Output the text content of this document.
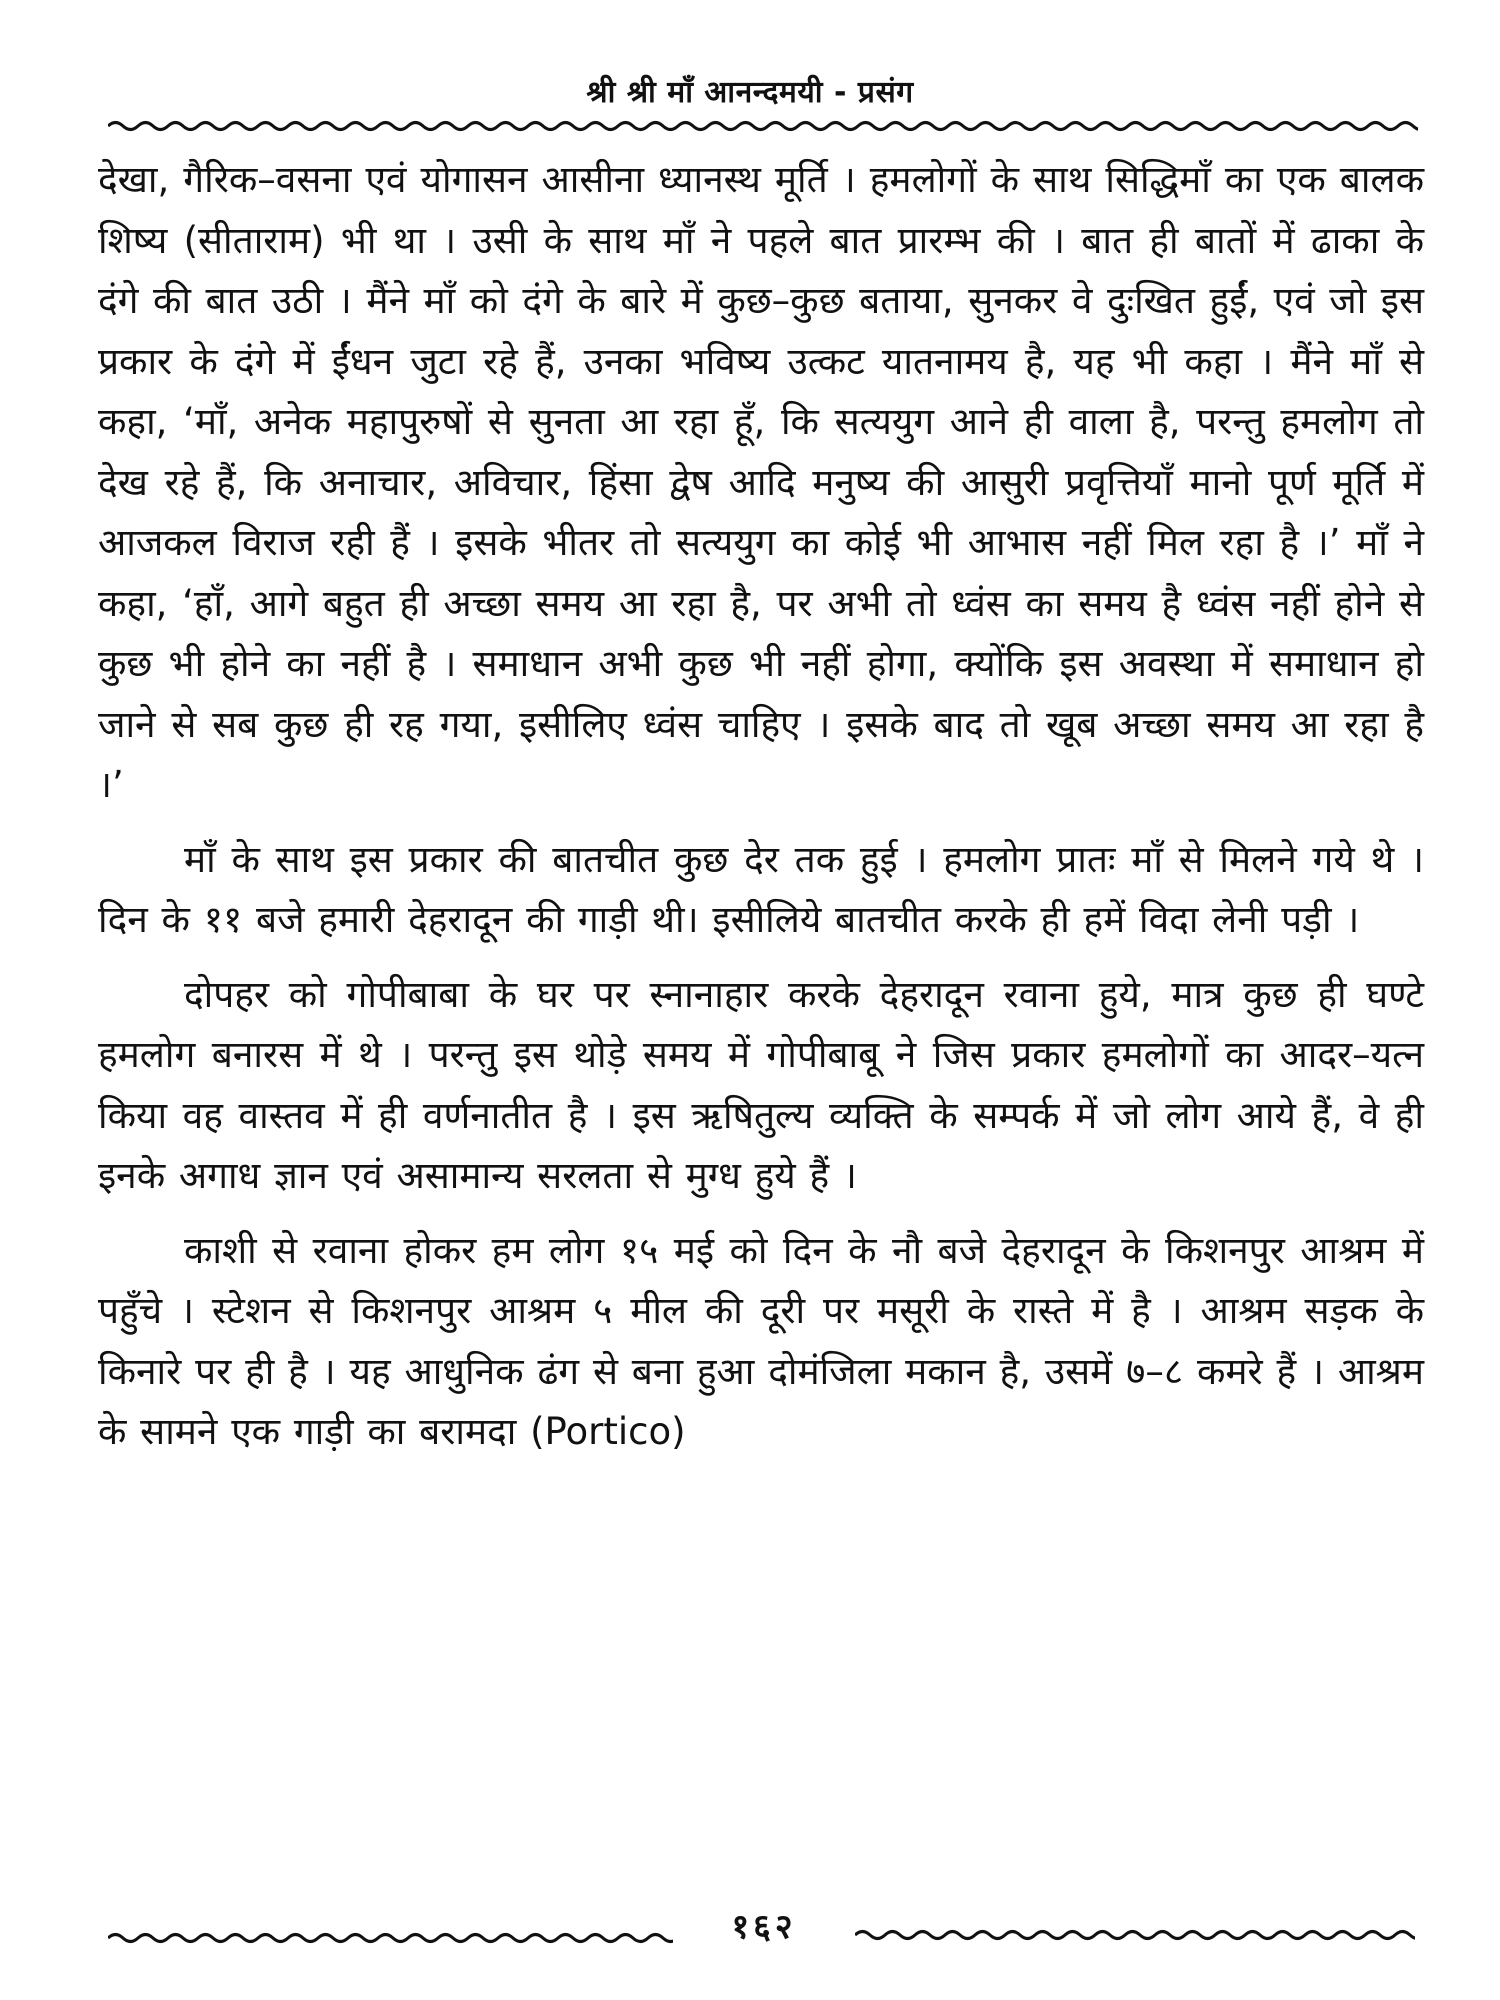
श्री श्री माँ आनन्दमयी - प्रसंग

देखा, गैरिक–वसना एवं योगासन आसीना ध्यानस्थ मूर्ति । हमलोगों के साथ सिद्धिमाँ का एक बालक शिष्य (सीताराम) भी था । उसी के साथ माँ ने पहले बात प्रारम्भ की । बात ही बातों में ढाका के दंगे की बात उठी । मैंने माँ को दंगे के बारे में कुछ–कुछ बताया, सुनकर वे दुःखित हुईं, एवं जो इस प्रकार के दंगे में ईंधन जुटा रहे हैं, उनका भविष्य उत्कट यातनामय है, यह भी कहा । मैंने माँ से कहा, ‘माँ, अनेक महापुरुषों से सुनता आ रहा हूँ, कि सत्ययुग आने ही वाला है, परन्तु हमलोग तो देख रहे हैं, कि अनाचार, अविचार, हिंसा द्वेष आदि मनुष्य की आसुरी प्रवृत्तियाँ मानो पूर्ण मूर्ति में आजकल विराज रही हैं । इसके भीतर तो सत्ययुग का कोई भी आभास नहीं मिल रहा है ।’ माँ ने कहा, ‘हाँ, आगे बहुत ही अच्छा समय आ रहा है, पर अभी तो ध्वंस का समय है ध्वंस नहीं होने से कुछ भी होने का नहीं है । समाधान अभी कुछ भी नहीं होगा, क्योंकि इस अवस्था में समाधान हो जाने से सब कुछ ही रह गया, इसीलिए ध्वंस चाहिए । इसके बाद तो खूब अच्छा समय आ रहा है ।’

माँ के साथ इस प्रकार की बातचीत कुछ देर तक हुई । हमलोग प्रातः माँ से मिलने गये थे । दिन के ११ बजे हमारी देहरादून की गाड़ी थी। इसीलिये बातचीत करके ही हमें विदा लेनी पड़ी ।

दोपहर को गोपीबाबा के घर पर स्नानाहार करके देहरादून रवाना हुये, मात्र कुछ ही घण्टे हमलोग बनारस में थे । परन्तु इस थोड़े समय में गोपीबाबू ने जिस प्रकार हमलोगों का आदर–यत्न किया वह वास्तव में ही वर्णनातीत है । इस ऋषितुल्य व्यक्ति के सम्पर्क में जो लोग आये हैं, वे ही इनके अगाध ज्ञान एवं असामान्य सरलता से मुग्ध हुये हैं ।

काशी से रवाना होकर हम लोग १५ मई को दिन के नौ बजे देहरादून के किशनपुर आश्रम में पहुँचे । स्टेशन से किशनपुर आश्रम ५ मील की दूरी पर मसूरी के रास्ते में है । आश्रम सड़क के किनारे पर ही है । यह आधुनिक ढंग से बना हुआ दोमंजिला मकान है, उसमें ७–८ कमरे हैं । आश्रम के सामने एक गाड़ी का बरामदा (Portico)

१६२
